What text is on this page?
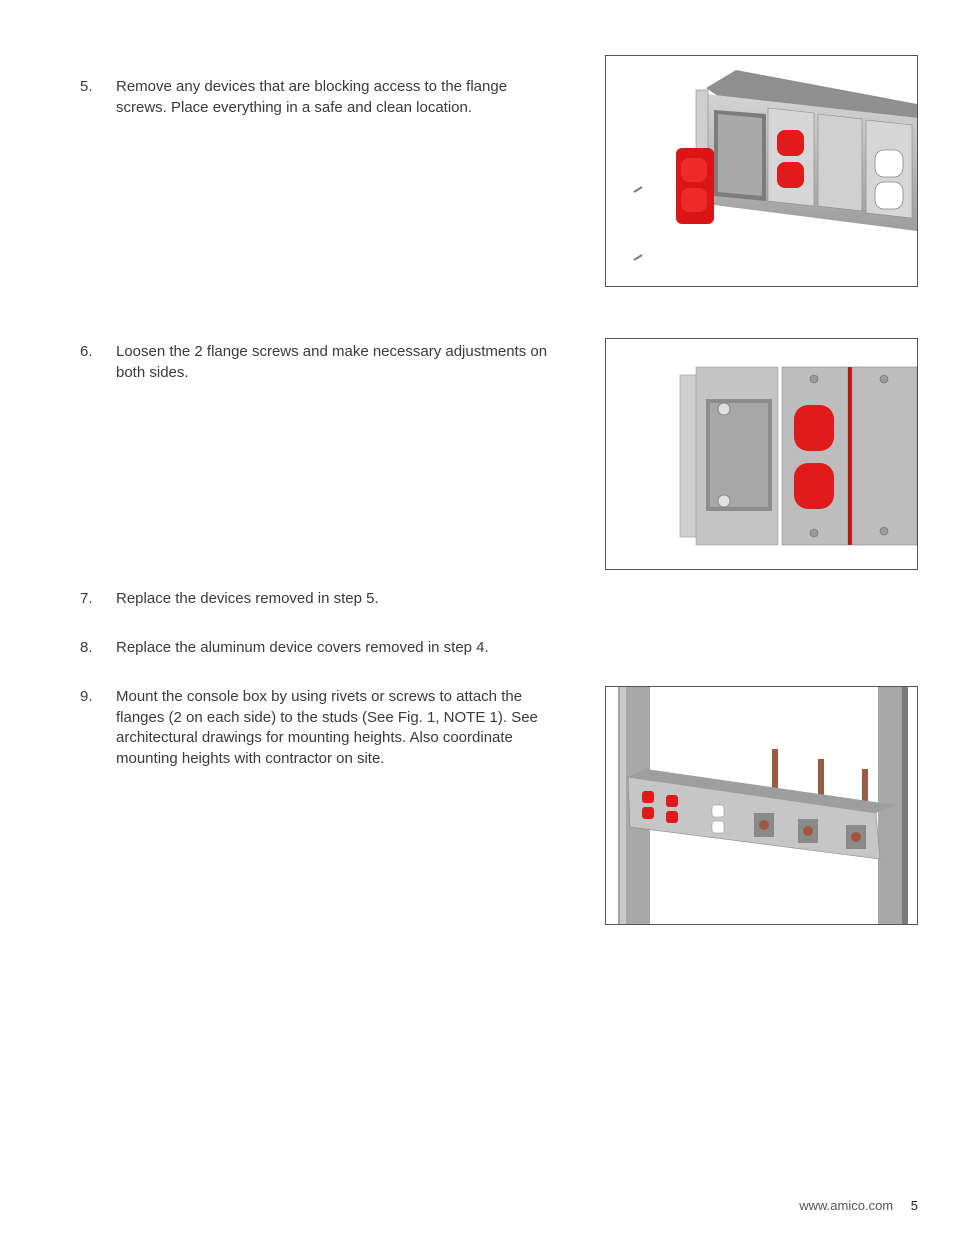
5. Remove any devices that are blocking access to the flange screws. Place everything in a safe and clean location.
6. Loosen the 2 flange screws and make necessary adjustments on both sides.
7. Replace the devices removed in step 5.
8. Replace the aluminum device covers removed in step 4.
9. Mount the console box by using rivets or screws to attach the flanges (2 on each side) to the studs (See Fig. 1, NOTE 1). See architectural drawings for mounting heights. Also coordinate mounting heights with contractor on site.
www.amico.com 5
